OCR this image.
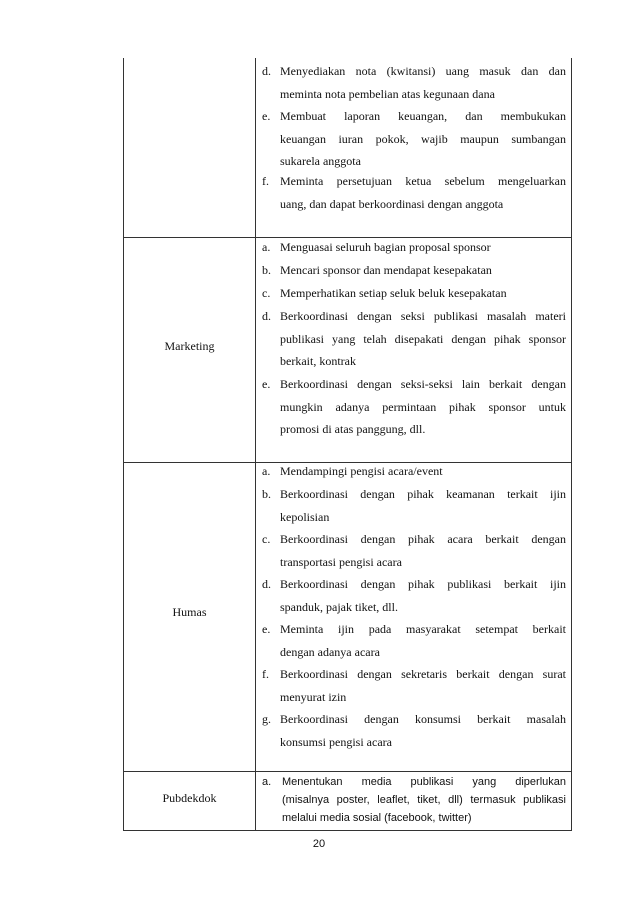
Marketing
Humas
Pubdekdok
d. Menyediakan nota (kwitansi) uang masuk dan dan
meminta nota pembelian atas kegunaan dana
e. Membuat laporan keuangan, dan membukukan
keuangan iuran pokok, wajib maupun sumbangan
sukarela anggota
f. Meminta persetujuan ketua sebelum mengeluarkan
uang, dan dapat berkoordinasi dengan anggota
a. Menguasai seluruh bagian proposal sponsor
b. Mencari sponsor dan mendapat kesepakatan
c. Memperhatikan setiap seluk beluk kesepakatan
d. Berkoordinasi dengan seksi publikasi masalah materi
publikasi yang telah disepakati dengan pihak sponsor
berkait, kontrak
e. Berkoordinasi dengan seksi-seksi lain berkait dengan
mungkin adanya permintaan pihak sponsor untuk
promosi di atas panggung, dll.
a. Mendampingi pengisi acara/event
b. Berkoordinasi dengan pihak keamanan terkait ijin
kepolisian
c. Berkoordinasi dengan pihak acara berkait dengan
transportasi pengisi acara
d. Berkoordinasi dengan pihak publikasi berkait ijin
spanduk, pajak tiket, dll.
e. Meminta ijin pada masyarakat setempat berkait
dengan adanya acara
f. Berkoordinasi dengan sekretaris berkait dengan surat
menyurat izin
g. Berkoordinasi dengan konsumsi berkait masalah
konsumsi pengisi acara
a. Menentukan media publikasi yang diperlukan
(misalnya poster, leaflet, tiket, dll) termasuk publikasi
melalui media sosial (facebook, twitter)
20
